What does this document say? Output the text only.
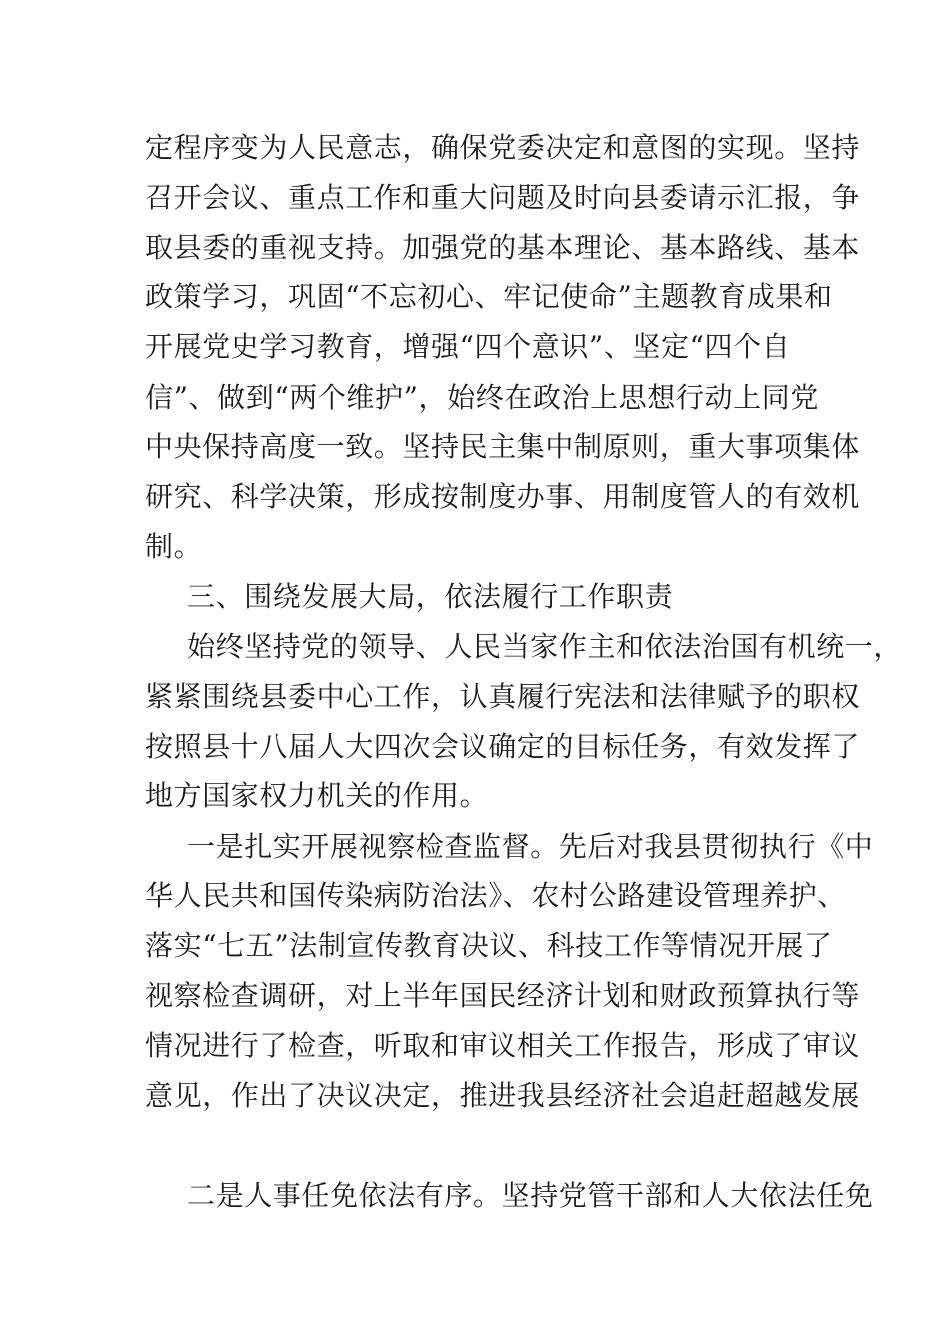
定程序变为人民意志，确保党委决定和意图的实现。坚持
召开会议、重点工作和重大问题及时向县委请示汇报，争
取县委的重视支持。加强党的基本理论、基本路线、基本
政策学习，巩固“不忘初心、牢记使命”主题教育成果和
开展党史学习教育，增强“四个意识”、坚定“四个自
信”、做到“两个维护”，始终在政治上思想行动上同党
中央保持高度一致。坚持民主集中制原则，重大事项集体
研究、科学决策，形成按制度办事、用制度管人的有效机
制。
三、围绕发展大局，依法履行工作职责
始终坚持党的领导、人民当家作主和依法治国有机统一，
紧紧围绕县委中心工作，认真履行宪法和法律赋予的职权
按照县十八届人大四次会议确定的目标任务，有效发挥了
地方国家权力机关的作用。
一是扎实开展视察检查监督。先后对我县贯彻执行《中
华人民共和国传染病防治法》、农村公路建设管理养护、
落实“七五”法制宣传教育决议、科技工作等情况开展了
视察检查调研，对上半年国民经济计划和财政预算执行等
情况进行了检查，听取和审议相关工作报告，形成了审议
意见，作出了决议决定，推进我县经济社会追赶超越发展
二是人事任免依法有序。坚持党管干部和人大依法任免
